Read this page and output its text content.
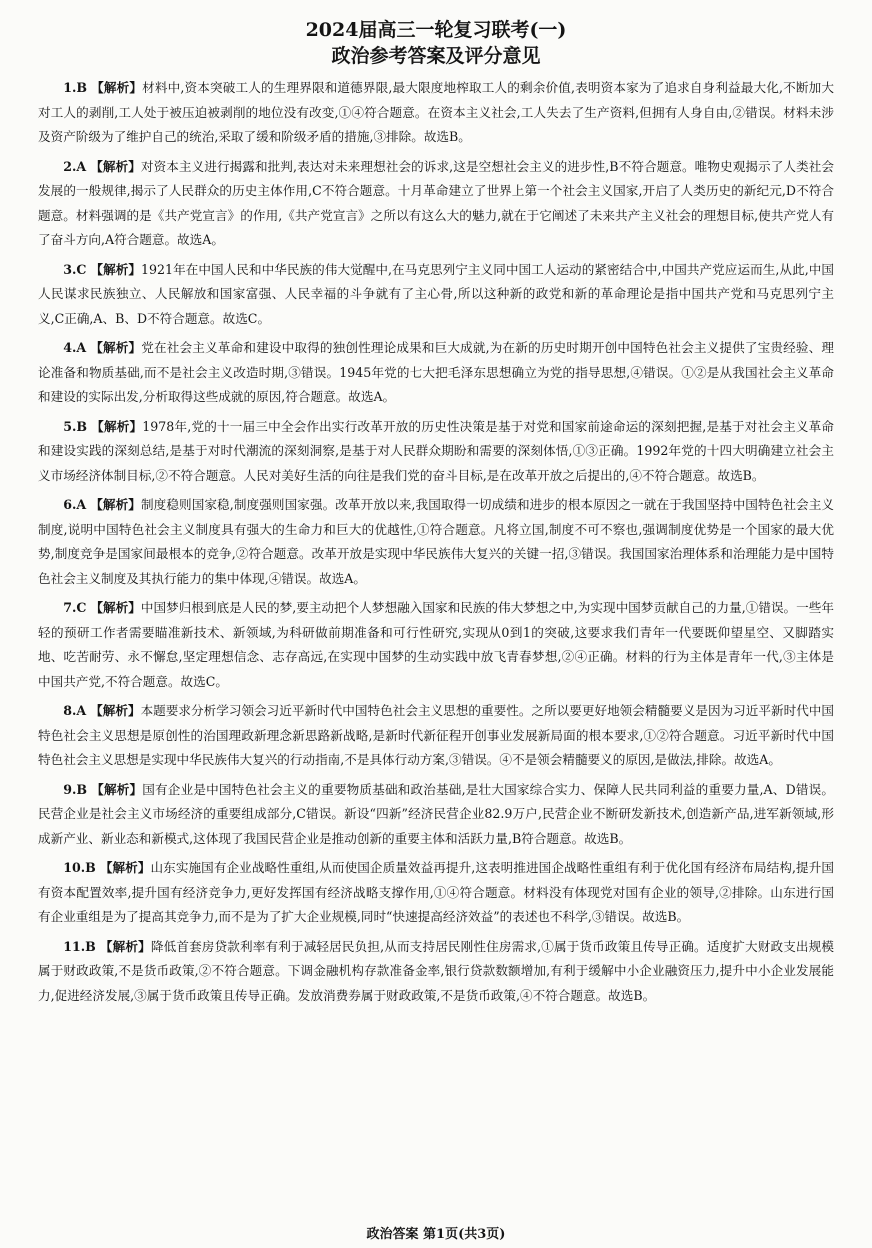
2024届高三一轮复习联考(一)
政治参考答案及评分意见

1.B 【解析】材料中,资本突破工人的生理界限和道德界限,最大限度地榨取工人的剩余价值,表明资本家为了追求自身利益最大化,不断加大对工人的剥削,工人处于被压迫被剥削的地位没有改变,①④符合题意。在资本主义社会,工人失去了生产资料,但拥有人身自由,②错误。材料未涉及资产阶级为了维护自己的统治,采取了缓和阶级矛盾的措施,③排除。故选B。

2.A 【解析】对资本主义进行揭露和批判,表达对未来理想社会的诉求,这是空想社会主义的进步性,B不符合题意。唯物史观揭示了人类社会发展的一般规律,揭示了人民群众的历史主体作用,C不符合题意。十月革命建立了世界上第一个社会主义国家,开启了人类历史的新纪元,D不符合题意。材料强调的是《共产党宣言》的作用,《共产党宣言》之所以有这么大的魅力,就在于它阐述了未来共产主义社会的理想目标,使共产党人有了奋斗方向,A符合题意。故选A。

3.C 【解析】1921年在中国人民和中华民族的伟大觉醒中,在马克思列宁主义同中国工人运动的紧密结合中,中国共产党应运而生,从此,中国人民谋求民族独立、人民解放和国家富强、人民幸福的斗争就有了主心骨,所以这种新的政党和新的革命理论是指中国共产党和马克思列宁主义,C正确,A、B、D不符合题意。故选C。

4.A 【解析】党在社会主义革命和建设中取得的独创性理论成果和巨大成就,为在新的历史时期开创中国特色社会主义提供了宝贵经验、理论准备和物质基础,而不是社会主义改造时期,③错误。1945年党的七大把毛泽东思想确立为党的指导思想,④错误。①②是从我国社会主义革命和建设的实际出发,分析取得这些成就的原因,符合题意。故选A。

5.B 【解析】1978年,党的十一届三中全会作出实行改革开放的历史性决策是基于对党和国家前途命运的深刻把握,是基于对社会主义革命和建设实践的深刻总结,是基于对时代潮流的深刻洞察,是基于对人民群众期盼和需要的深刻体悟,①③正确。1992年党的十四大明确建立社会主义市场经济体制目标,②不符合题意。人民对美好生活的向往是我们党的奋斗目标,是在改革开放之后提出的,④不符合题意。故选B。

6.A 【解析】制度稳则国家稳,制度强则国家强。改革开放以来,我国取得一切成绩和进步的根本原因之一就在于我国坚持中国特色社会主义制度,说明中国特色社会主义制度具有强大的生命力和巨大的优越性,①符合题意。凡将立国,制度不可不察也,强调制度优势是一个国家的最大优势,制度竞争是国家间最根本的竞争,②符合题意。改革开放是实现中华民族伟大复兴的关键一招,③错误。我国国家治理体系和治理能力是中国特色社会主义制度及其执行能力的集中体现,④错误。故选A。

7.C 【解析】中国梦归根到底是人民的梦,要主动把个人梦想融入国家和民族的伟大梦想之中,为实现中国梦贡献自己的力量,①错误。一些年轻的预研工作者需要瞄准新技术、新领域,为科研做前期准备和可行性研究,实现从0到1的突破,这要求我们青年一代要既仰望星空、又脚踏实地、吃苦耐劳、永不懈怠,坚定理想信念、志存高远,在实现中国梦的生动实践中放飞青春梦想,②④正确。材料的行为主体是青年一代,③主体是中国共产党,不符合题意。故选C。

8.A 【解析】本题要求分析学习领会习近平新时代中国特色社会主义思想的重要性。之所以要更好地领会精髓要义是因为习近平新时代中国特色社会主义思想是原创性的治国理政新理念新思路新战略,是新时代新征程开创事业发展新局面的根本要求,①②符合题意。习近平新时代中国特色社会主义思想是实现中华民族伟大复兴的行动指南,不是具体行动方案,③错误。④不是领会精髓要义的原因,是做法,排除。故选A。

9.B 【解析】国有企业是中国特色社会主义的重要物质基础和政治基础,是壮大国家综合实力、保障人民共同利益的重要力量,A、D错误。民营企业是社会主义市场经济的重要组成部分,C错误。新设“四新”经济民营企业82.9万户,民营企业不断研发新技术,创造新产品,进军新领域,形成新产业、新业态和新模式,这体现了我国民营企业是推动创新的重要主体和活跃力量,B符合题意。故选B。

10.B 【解析】山东实施国有企业战略性重组,从而使国企质量效益再提升,这表明推进国企战略性重组有利于优化国有经济布局结构,提升国有资本配置效率,提升国有经济竞争力,更好发挥国有经济战略支撑作用,①④符合题意。材料没有体现党对国有企业的领导,②排除。山东进行国有企业重组是为了提高其竞争力,而不是为了扩大企业规模,同时“快速提高经济效益”的表述也不科学,③错误。故选B。

11.B 【解析】降低首套房贷款利率有利于减轻居民负担,从而支持居民刚性住房需求,①属于货币政策且传导正确。适度扩大财政支出规模属于财政政策,不是货币政策,②不符合题意。下调金融机构存款准备金率,银行贷款数额增加,有利于缓解中小企业融资压力,提升中小企业发展能力,促进经济发展,③属于货币政策且传导正确。发放消费券属于财政政策,不是货币政策,④不符合题意。故选B。

政治答案 第1页(共3页)
